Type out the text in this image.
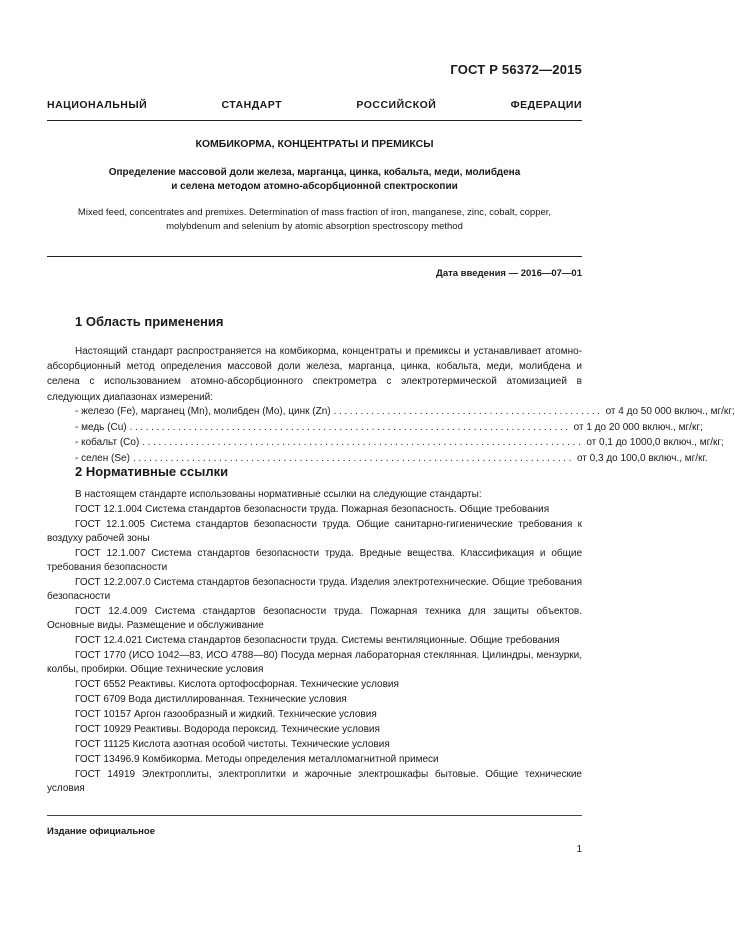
ГОСТ Р 56372—2015
НАЦИОНАЛЬНЫЙ СТАНДАРТ РОССИЙСКОЙ ФЕДЕРАЦИИ
КОМБИКОРМА, КОНЦЕНТРАТЫ И ПРЕМИКСЫ
Определение массовой доли железа, марганца, цинка, кобальта, меди, молибдена
и селена методом атомно-абсорбционной спектроскопии
Mixed feed, concentrates and premixes. Determination of mass fraction of iron, manganese, zinc, cobalt, copper,
molybdenum and selenium by atomic absorption spectroscopy method
Дата введения — 2016—07—01
1 Область применения
Настоящий стандарт распространяется на комбикорма, концентраты и премиксы и устанавливает атомно-абсорбционный метод определения массовой доли железа, марганца, цинка, кобальта, меди, молибдена и селена с использованием атомно-абсорбционного спектрометра с электротермической атомизацией в следующих диапазонах измерений:
- железо (Fe), марганец (Mn), молибден (Mo), цинк (Zn) .................................................. от 4 до 50 000 включ., мг/кг;
- медь (Cu) .................................................................................. от 1 до 20 000 включ., мг/кг;
- кобальт (Co) .................................................................................. от 0,1 до 1000,0 включ., мг/кг;
- селен (Se) .................................................................................. от 0,3 до 100,0 включ., мг/кг.
2 Нормативные ссылки
В настоящем стандарте использованы нормативные ссылки на следующие стандарты:
ГОСТ 12.1.004 Система стандартов безопасности труда. Пожарная безопасность. Общие требования
ГОСТ 12.1.005 Система стандартов безопасности труда. Общие санитарно-гигиенические требования к воздуху рабочей зоны
ГОСТ 12.1.007 Система стандартов безопасности труда. Вредные вещества. Классификация и общие требования безопасности
ГОСТ 12.2.007.0 Система стандартов безопасности труда. Изделия электротехнические. Общие требования безопасности
ГОСТ 12.4.009 Система стандартов безопасности труда. Пожарная техника для защиты объектов. Основные виды. Размещение и обслуживание
ГОСТ 12.4.021 Система стандартов безопасности труда. Системы вентиляционные. Общие требования
ГОСТ 1770 (ИСО 1042—83, ИСО 4788—80) Посуда мерная лабораторная стеклянная. Цилиндры, мензурки, колбы, пробирки. Общие технические условия
ГОСТ 6552 Реактивы. Кислота ортофосфорная. Технические условия
ГОСТ 6709 Вода дистиллированная. Технические условия
ГОСТ 10157 Аргон газообразный и жидкий. Технические условия
ГОСТ 10929 Реактивы. Водорода пероксид. Технические условия
ГОСТ 11125 Кислота азотная особой чистоты. Технические условия
ГОСТ 13496.9 Комбикорма. Методы определения металломагнитной примеси
ГОСТ 14919 Электроплиты, электроплитки и жарочные электрошкафы бытовые. Общие технические условия
Издание официальное
1
